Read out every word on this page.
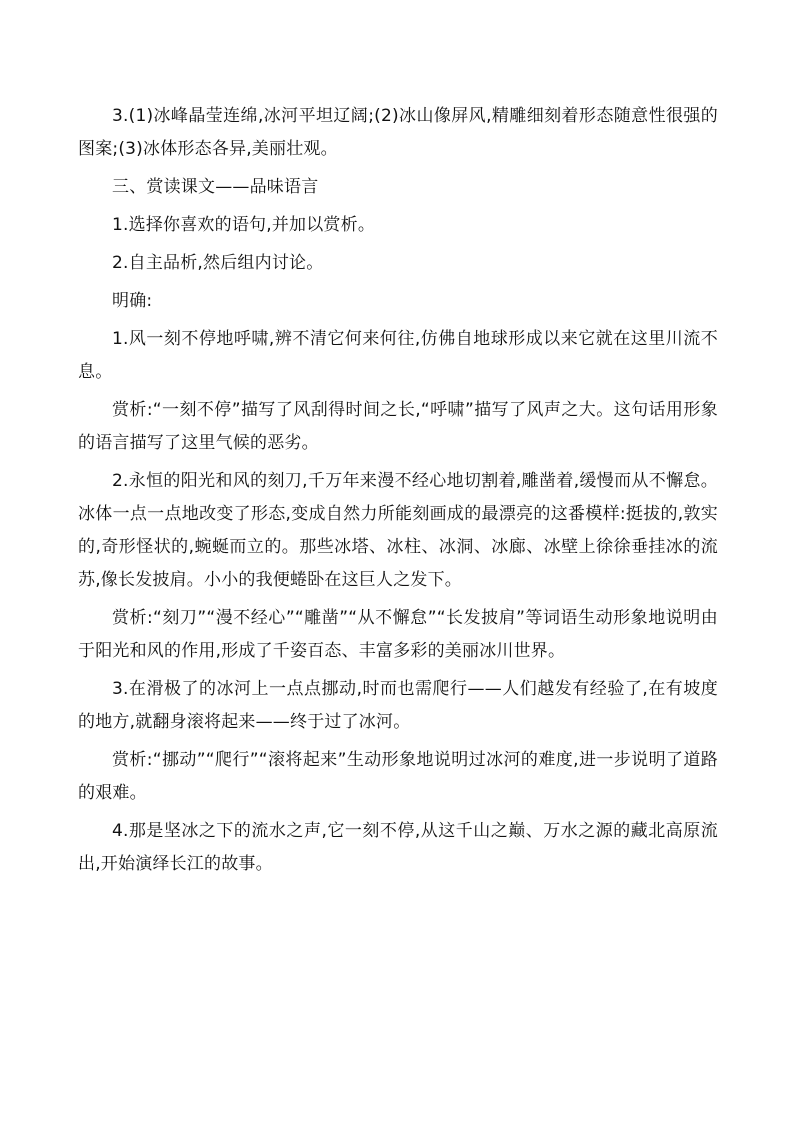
3.(1)冰峰晶莹连绵,冰河平坦辽阔;(2)冰山像屏风,精雕细刻着形态随意性很强的图案;(3)冰体形态各异,美丽壮观。

三、赏读课文——品味语言

1.选择你喜欢的语句,并加以赏析。

2.自主品析,然后组内讨论。

明确:

1.风一刻不停地呼啸,辨不清它何来何往,仿佛自地球形成以来它就在这里川流不息。

赏析:“一刻不停”描写了风刮得时间之长,“呼啸”描写了风声之大。这句话用形象的语言描写了这里气候的恶劣。

2.永恒的阳光和风的刻刀,千万年来漫不经心地切割着,雕凿着,缓慢而从不懈怠。冰体一点一点地改变了形态,变成自然力所能刻画成的最漂亮的这番模样:挺拔的,敦实的,奇形怪状的,蜿蜒而立的。那些冰塔、冰柱、冰洞、冰廊、冰壁上徐徐垂挂冰的流苏,像长发披肩。小小的我便蜷卧在这巨人之发下。

赏析:“刻刀”“漫不经心”“雕凿”“从不懈怠”“长发披肩”等词语生动形象地说明由于阳光和风的作用,形成了千姿百态、丰富多彩的美丽冰川世界。

3.在滑极了的冰河上一点点挪动,时而也需爬行——人们越发有经验了,在有坡度的地方,就翻身滚将起来——终于过了冰河。

赏析:“挪动”“爬行”“滚将起来”生动形象地说明过冰河的难度,进一步说明了道路的艰难。

4.那是坚冰之下的流水之声,它一刻不停,从这千山之巅、万水之源的藏北高原流出,开始演绎长江的故事。
